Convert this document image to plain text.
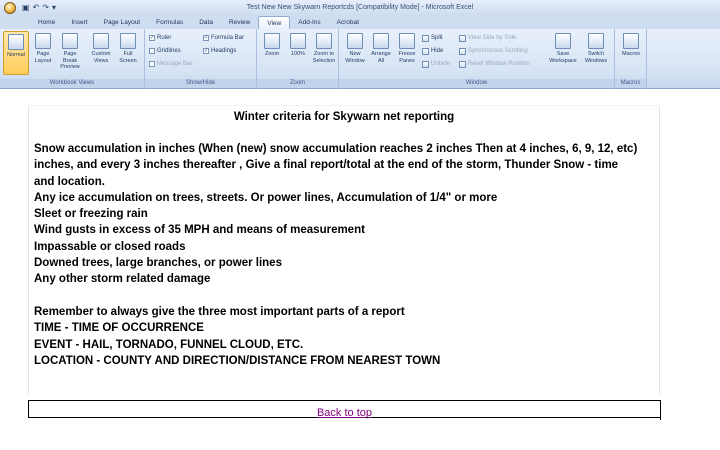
▣ ↶ ↷ ▾	Test New New Skywarn Reportcds [Compatibility Mode] - Microsoft Excel
Home	Insert	Page Layout	Formulas	Data	Review	View	Add-Ins	Acrobat
Normal	Page Layout
Page Break Preview
Custom Views
Full Screen
Workbook Views
✓ Ruler	✓ Formula Bar
Gridlines	✓ Headings
Message Bar
Show/Hide
Zoom 100%	Zoom to Selection
Zoom
New Window
Arrange All
Freeze Panes
Split
Hide
Unhide
View Side by Side
Synchronous Scrolling
Reset Window Position
Save Workspace
Switch Windows
Window
Macros
Macros
Winter criteria for Skywarn net reporting

Snow accumulation in inches (When (new) snow accumulation reaches 2 inches Then at 4 inches, 6, 9, 12, etc)

inches, and every 3 inches thereafter , Give a final report/total at the end of the storm, Thunder Snow - time

and location.

Any ice accumulation on trees, streets. Or power lines, Accumulation of 1/4" or more

Sleet or freezing rain

Wind gusts in excess of 35 MPH and means of measurement

Impassable or closed roads

Downed trees, large branches, or power lines

Any other storm related damage

Remember to always give the three most important parts of a report

TIME - TIME OF OCCURRENCE

EVENT - HAIL, TORNADO, FUNNEL CLOUD, ETC.

LOCATION - COUNTY AND DIRECTION/DISTANCE FROM NEAREST TOWN

Back to top
